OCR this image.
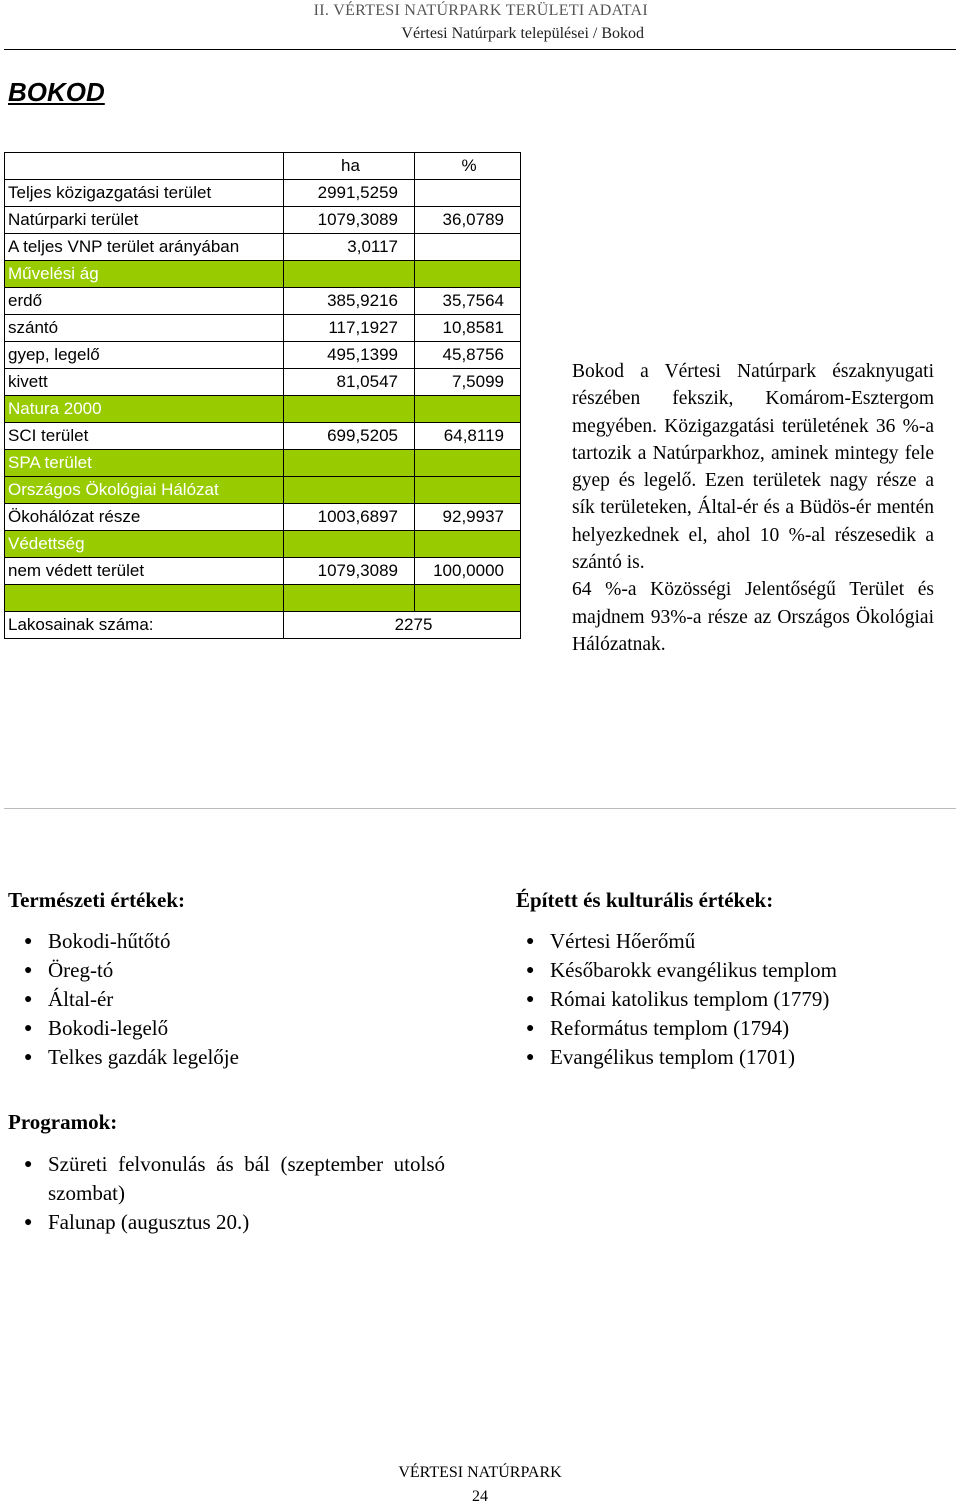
II. VÉRTESI NATÚRPARK TERÜLETI ADATAI
Vértesi Natúrpark települései / Bokod
BOKOD
	ha	%
Teljes közigazgatási terület	2991,5259	
Natúrparki terület	1079,3089	36,0789
A teljes VNP terület arányában	3,0117	
Művelési ág		
erdő	385,9216	35,7564
szántó	117,1927	10,8581
gyep, legelő	495,1399	45,8756
kivett	81,0547	7,5099
Natura 2000		
SCI terület	699,5205	64,8119
SPA terület		
Országos Ökológiai Hálózat		
Ökohálózat része	1003,6897	92,9937
Védettség		
nem védett terület	1079,3089	100,0000

Lakosainak száma:	2275	

Bokod a Vértesi Natúrpark északnyugati részében fekszik, Komárom-Esztergom megyében. Közigazgatási területének 36 %-a tartozik a Natúrparkhoz, aminek mintegy fele gyep és legelő. Ezen területek nagy része a sík területeken, Által-ér és a Büdös-ér mentén helyezkednek el, ahol 10 %-al részesedik a szántó is.

64 %-a Közösségi Jelentőségű Terület és majdnem 93%-a része az Országos Ökológiai Hálózatnak.

Természeti értékek:
● Bokodi-hűtőtó
● Öreg-tó
● Által-ér
● Bokodi-legelő
● Telkes gazdák legelője
Épített és kulturális értékek:
● Vértesi Hőerőmű
● Későbarokk evangélikus templom
● Római katolikus templom (1779)
● Református templom (1794)
● Evangélikus templom (1701)
Programok:
● Szüreti felvonulás ás bál (szeptember utolsó szombat)
● Falunap (augusztus 20.)
VÉRTESI NATÚRPARK
24
